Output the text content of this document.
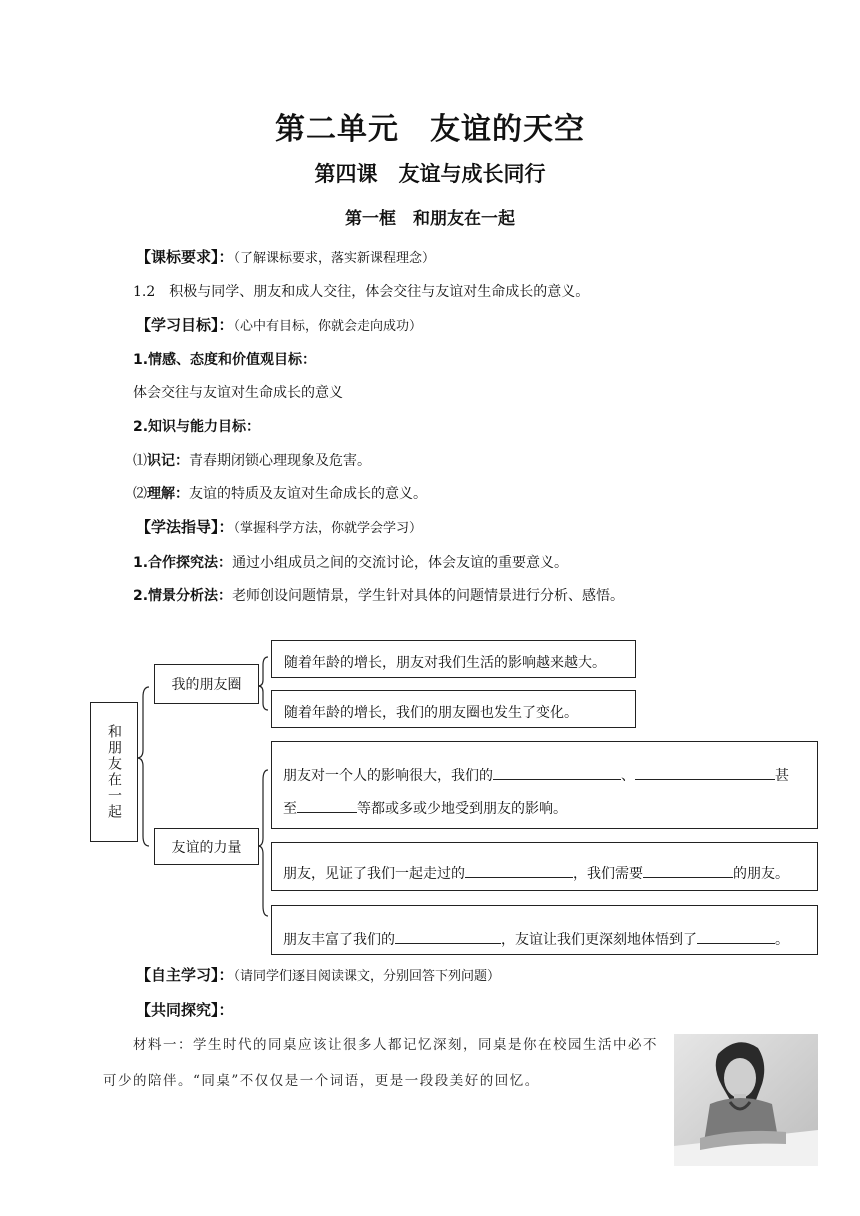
第二单元　友谊的天空
第四课　友谊与成长同行
第一框　和朋友在一起
【课标要求】：（了解课标要求，落实新课程理念）
1.2　积极与同学、朋友和成人交往，体会交往与友谊对生命成长的意义。
【学习目标】：（心中有目标，你就会走向成功）
1.情感、态度和价值观目标：
体会交往与友谊对生命成长的意义
2.知识与能力目标：
⑴识记：青春期闭锁心理现象及危害。
⑵理解：友谊的特质及友谊对生命成长的意义。
【学法指导】：（掌握科学方法，你就学会学习）
1.合作探究法：通过小组成员之间的交流讨论，体会友谊的重要意义。
2.情景分析法：老师创设问题情景，学生针对具体的问题情景进行分析、感悟。
和朋友在一起
我的朋友圈
友谊的力量
随着年龄的增长，朋友对我们生活的影响越来越大。
随着年龄的增长，我们的朋友圈也发生了变化。
朋友对一个人的影响很大，我们的	、	甚
至	等都或多或少地受到朋友的影响。
朋友，见证了我们一起走过的	，我们需要	的朋友。
朋友丰富了我们的	，友谊让我们更深刻地体悟到了	。
【自主学习】：（请同学们逐目阅读课文，分别回答下列问题）
【共同探究】：
材料一：学生时代的同桌应该让很多人都记忆深刻，同桌是你在校园生活中必不
可少的陪伴。“同桌”不仅仅是一个词语，更是一段段美好的回忆。
